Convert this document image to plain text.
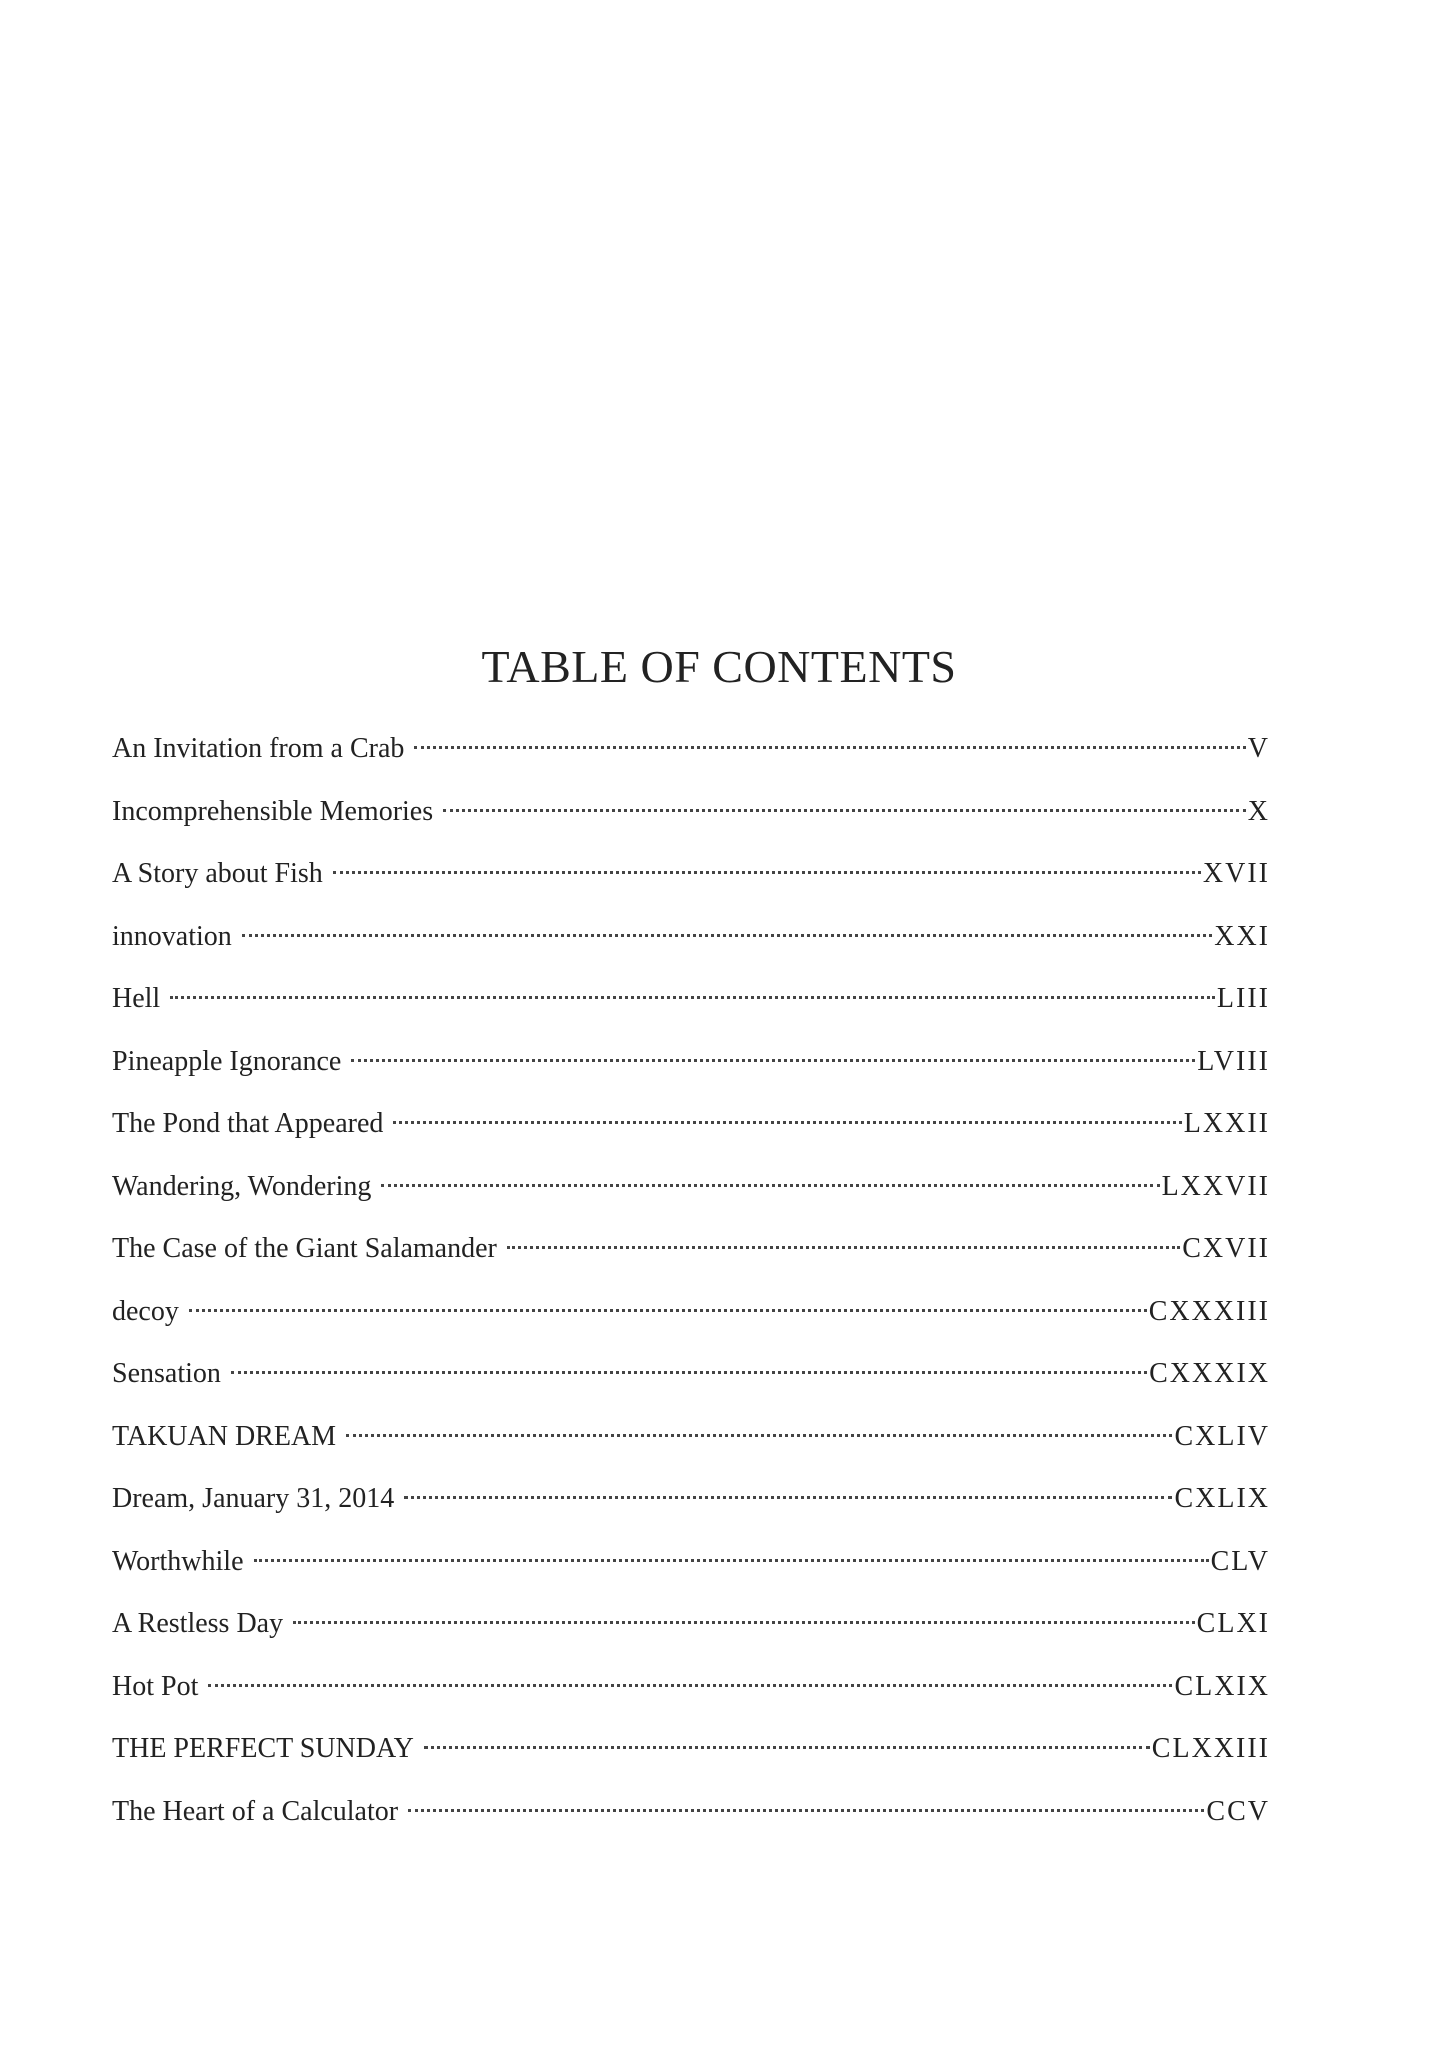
TABLE OF CONTENTS
An Invitation from a Crab	V
Incomprehensible Memories	X
A Story about Fish	XVII
innovation	XXI
Hell	LIII
Pineapple Ignorance	LVIII
The Pond that Appeared	LXXII
Wandering, Wondering	LXXVII
The Case of the Giant Salamander	CXVII
decoy	CXXXIII
Sensation	CXXXIX
TAKUAN DREAM	CXLIV
Dream, January 31, 2014	CXLIX
Worthwhile	CLV
A Restless Day	CLXI
Hot Pot	CLXIX
THE PERFECT SUNDAY	CLXXIII
The Heart of a Calculator	CCV
